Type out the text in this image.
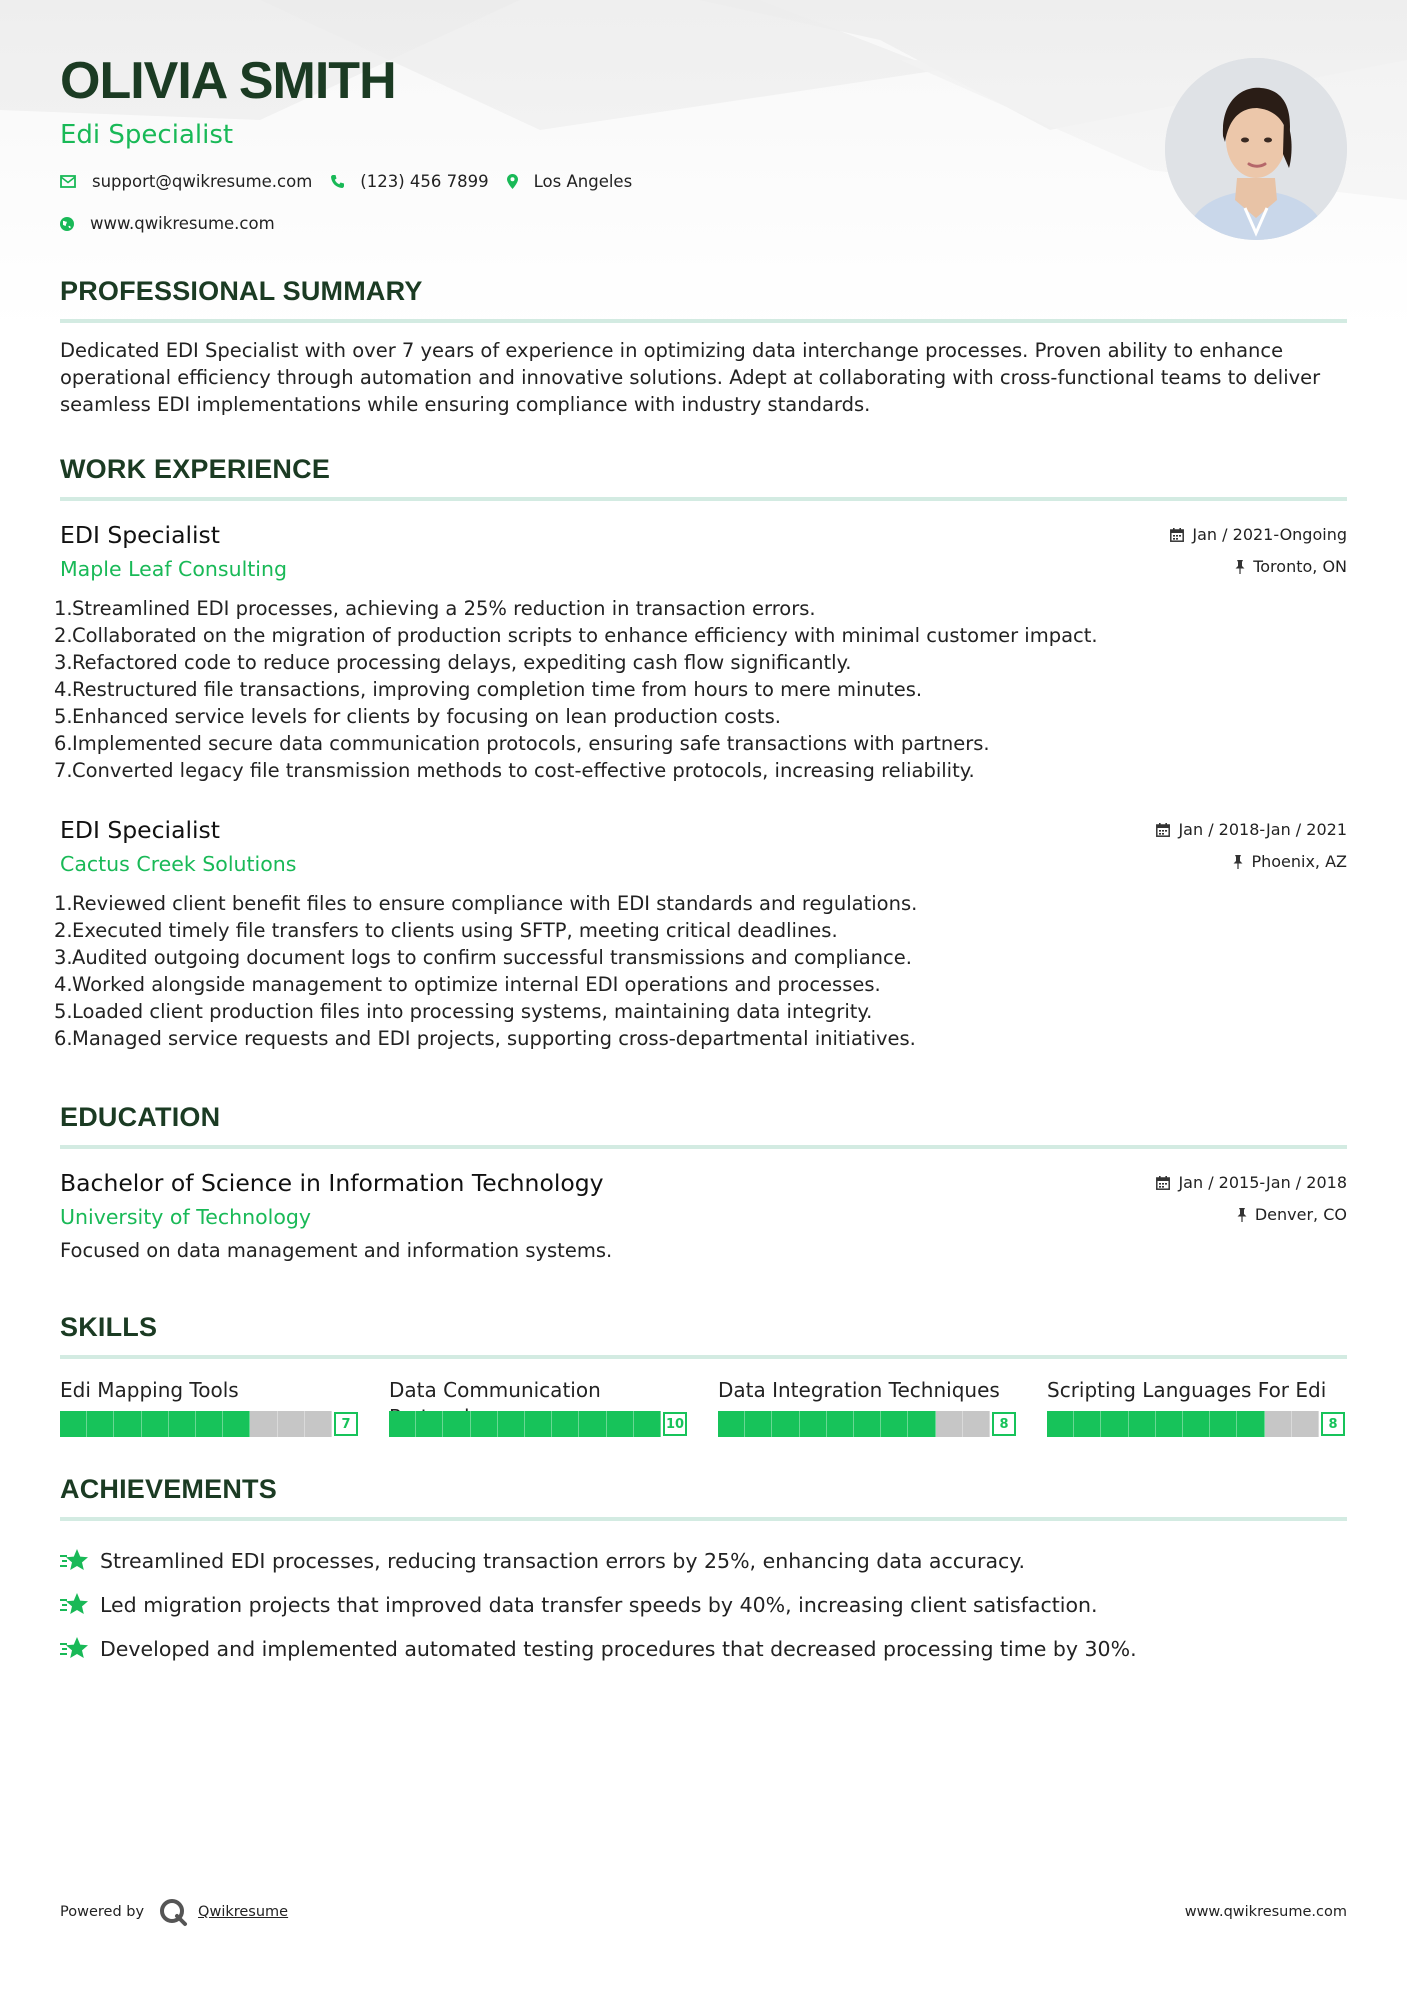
OLIVIA SMITH
Edi Specialist
support@qwikresume.com	(123) 456 7899	Los Angeles
www.qwikresume.com
PROFESSIONAL SUMMARY
Dedicated EDI Specialist with over 7 years of experience in optimizing data interchange processes. Proven ability to enhance operational efficiency through automation and innovative solutions. Adept at collaborating with cross-functional teams to deliver seamless EDI implementations while ensuring compliance with industry standards.
WORK EXPERIENCE
EDI Specialist
Maple Leaf Consulting
Jan / 2021-Ongoing
Toronto, ON
1. Streamlined EDI processes, achieving a 25% reduction in transaction errors.
2. Collaborated on the migration of production scripts to enhance efficiency with minimal customer impact.
3. Refactored code to reduce processing delays, expediting cash flow significantly.
4. Restructured file transactions, improving completion time from hours to mere minutes.
5. Enhanced service levels for clients by focusing on lean production costs.
6. Implemented secure data communication protocols, ensuring safe transactions with partners.
7. Converted legacy file transmission methods to cost-effective protocols, increasing reliability.
EDI Specialist
Cactus Creek Solutions
Jan / 2018-Jan / 2021
Phoenix, AZ
1. Reviewed client benefit files to ensure compliance with EDI standards and regulations.
2. Executed timely file transfers to clients using SFTP, meeting critical deadlines.
3. Audited outgoing document logs to confirm successful transmissions and compliance.
4. Worked alongside management to optimize internal EDI operations and processes.
5. Loaded client production files into processing systems, maintaining data integrity.
6. Managed service requests and EDI projects, supporting cross-departmental initiatives.
EDUCATION
Bachelor of Science in Information Technology
University of Technology
Jan / 2015-Jan / 2018
Denver, CO
Focused on data management and information systems.
SKILLS
Edi Mapping Tools
7
Data Communication
10
Data Integration Techniques
8
Scripting Languages For Edi
8
ACHIEVEMENTS
Streamlined EDI processes, reducing transaction errors by 25%, enhancing data accuracy.
Led migration projects that improved data transfer speeds by 40%, increasing client satisfaction.
Developed and implemented automated testing procedures that decreased processing time by 30%.
Powered by	Qwikresume	www.qwikresume.com
